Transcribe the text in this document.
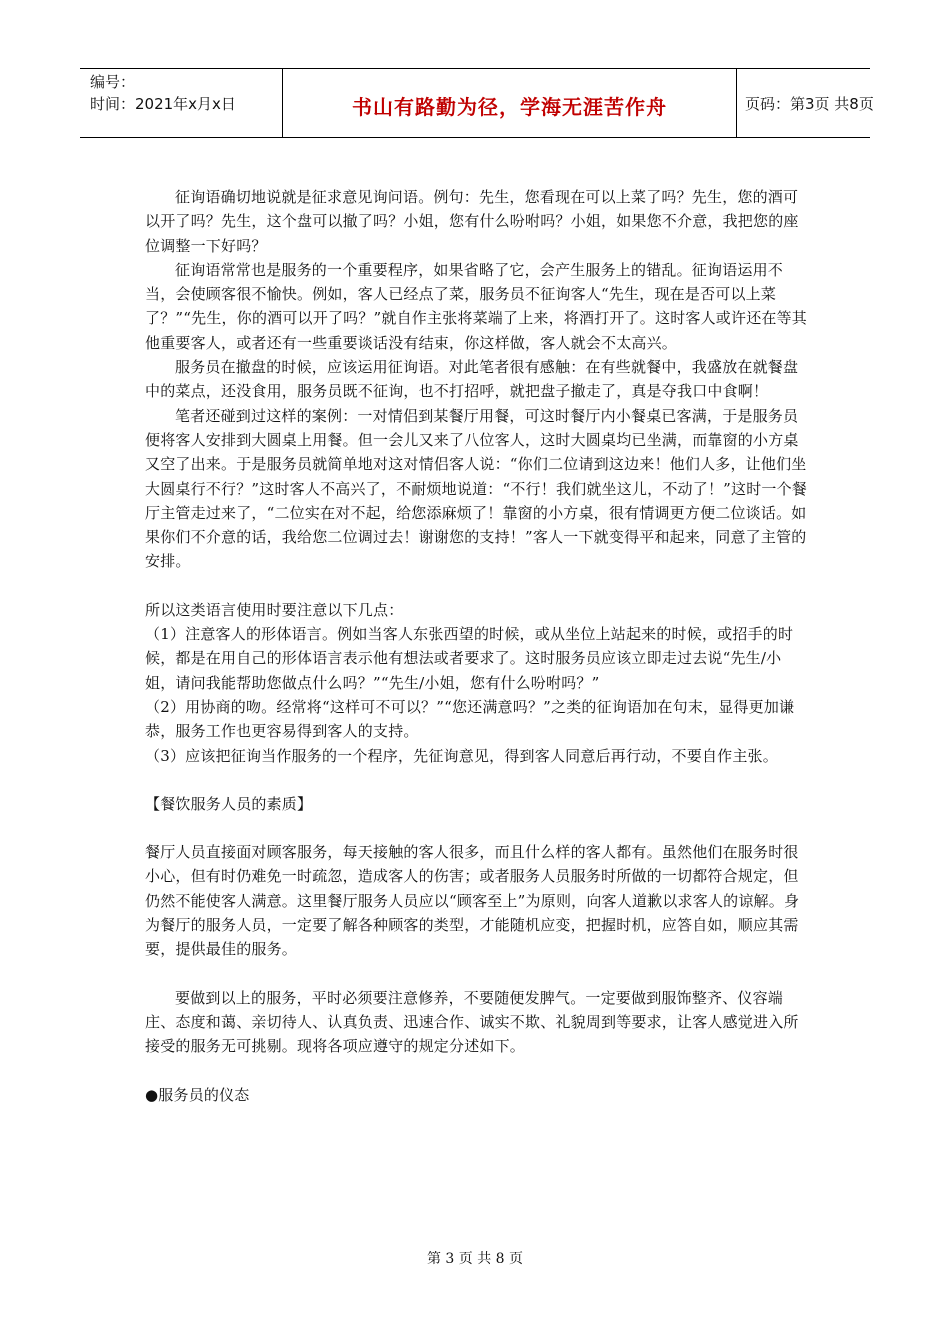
编号：
时间：2021年x月x日	书山有路勤为径，学海无涯苦作舟	页码：第3页 共8页

征询语确切地说就是征求意见询问语。例句：先生，您看现在可以上菜了吗？先生，您的酒可以开了吗？先生，这个盘可以撤了吗？小姐，您有什么吩咐吗？小姐，如果您不介意，我把您的座位调整一下好吗？

征询语常常也是服务的一个重要程序，如果省略了它，会产生服务上的错乱。征询语运用不当，会使顾客很不愉快。例如，客人已经点了菜，服务员不征询客人“先生，现在是否可以上菜了？”“先生，你的酒可以开了吗？”就自作主张将菜端了上来，将酒打开了。这时客人或许还在等其他重要客人，或者还有一些重要谈话没有结束，你这样做，客人就会不太高兴。

服务员在撤盘的时候，应该运用征询语。对此笔者很有感触：在有些就餐中，我盛放在就餐盘中的菜点，还没食用，服务员既不征询，也不打招呼，就把盘子撤走了，真是夺我口中食啊！

笔者还碰到过这样的案例：一对情侣到某餐厅用餐，可这时餐厅内小餐桌已客满，于是服务员便将客人安排到大圆桌上用餐。但一会儿又来了八位客人，这时大圆桌均已坐满，而靠窗的小方桌又空了出来。于是服务员就简单地对这对情侣客人说：“你们二位请到这边来！他们人多，让他们坐大圆桌行不行？”这时客人不高兴了，不耐烦地说道：“不行！我们就坐这儿，不动了！”这时一个餐厅主管走过来了，“二位实在对不起，给您添麻烦了！靠窗的小方桌，很有情调更方便二位谈话。如果你们不介意的话，我给您二位调过去！谢谢您的支持！”客人一下就变得平和起来，同意了主管的安排。

所以这类语言使用时要注意以下几点：

（1）注意客人的形体语言。例如当客人东张西望的时候，或从坐位上站起来的时候，或招手的时候，都是在用自己的形体语言表示他有想法或者要求了。这时服务员应该立即走过去说“先生/小姐，请问我能帮助您做点什么吗？”“先生/小姐，您有什么吩咐吗？”

（2）用协商的吻。经常将“这样可不可以？”“您还满意吗？”之类的征询语加在句末，显得更加谦恭，服务工作也更容易得到客人的支持。

（3）应该把征询当作服务的一个程序，先征询意见，得到客人同意后再行动，不要自作主张。

【餐饮服务人员的素质】

餐厅人员直接面对顾客服务，每天接触的客人很多，而且什么样的客人都有。虽然他们在服务时很小心，但有时仍难免一时疏忽，造成客人的伤害；或者服务人员服务时所做的一切都符合规定，但仍然不能使客人满意。这里餐厅服务人员应以“顾客至上”为原则，向客人道歉以求客人的谅解。身为餐厅的服务人员，一定要了解各种顾客的类型，才能随机应变，把握时机，应答自如，顺应其需要，提供最佳的服务。

要做到以上的服务，平时必须要注意修养，不要随便发脾气。一定要做到服饰整齐、仪容端庄、态度和蔼、亲切待人、认真负责、迅速合作、诚实不欺、礼貌周到等要求，让客人感觉进入所接受的服务无可挑剔。现将各项应遵守的规定分述如下。

●服务员的仪态

第 3 页 共 8 页
